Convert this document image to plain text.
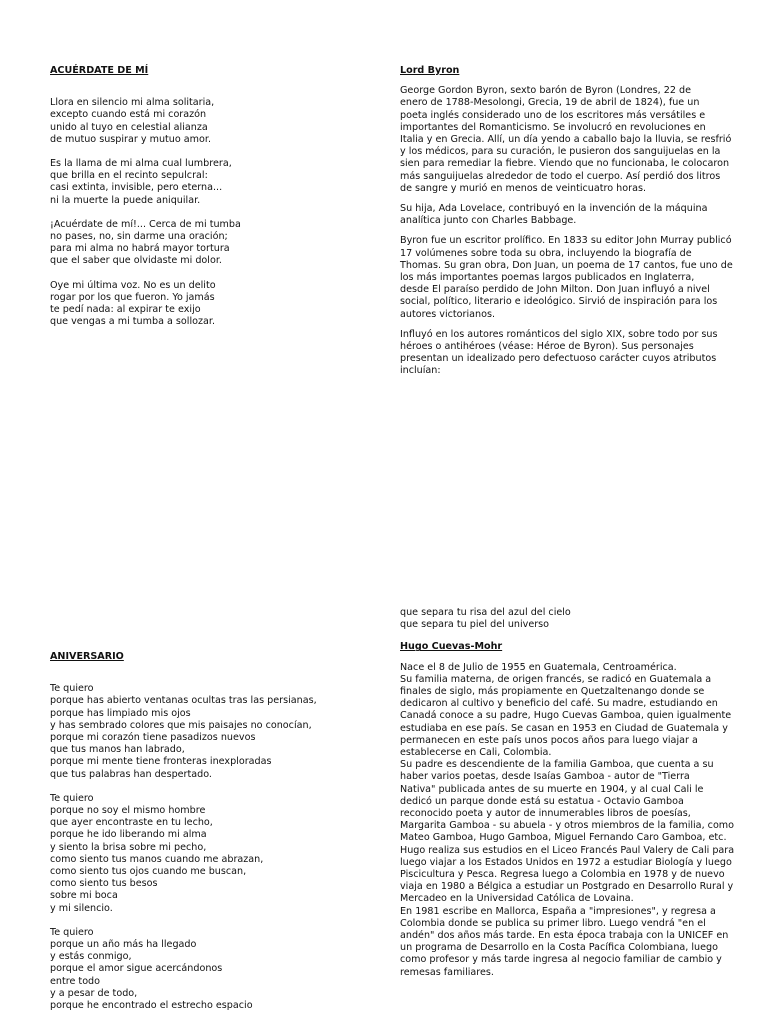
ACUÉRDATE DE MÍ

Llora en silencio mi alma solitaria,
excepto cuando está mi corazón
unido al tuyo en celestial alianza
de mutuo suspirar y mutuo amor.

Es la llama de mi alma cual lumbrera,
que brilla en el recinto sepulcral:
casi extinta, invisible, pero eterna...
ni la muerte la puede aniquilar.

¡Acuérdate de mí!... Cerca de mi tumba
no pases, no, sin darme una oración;
para mi alma no habrá mayor tortura
que el saber que olvidaste mi dolor.

Oye mi última voz. No es un delito
rogar por los que fueron. Yo jamás
te pedí nada: al expirar te exijo
que vengas a mi tumba a sollozar.

Lord Byron

George Gordon Byron, sexto barón de Byron (Londres, 22 de
enero de 1788-Mesolongi, Grecia, 19 de abril de 1824), fue un
poeta inglés considerado uno de los escritores más versátiles e
importantes del Romanticismo. Se involucró en revoluciones en
Italia y en Grecia. Allí, un día yendo a caballo bajo la lluvia, se resfrió
y los médicos, para su curación, le pusieron dos sanguijuelas en la
sien para remediar la fiebre. Viendo que no funcionaba, le colocaron
más sanguijuelas alrededor de todo el cuerpo. Así perdió dos litros
de sangre y murió en menos de veinticuatro horas.

Su hija, Ada Lovelace, contribuyó en la invención de la máquina
analítica junto con Charles Babbage.

Byron fue un escritor prolífico. En 1833 su editor John Murray publicó
17 volúmenes sobre toda su obra, incluyendo la biografía de
Thomas. Su gran obra, Don Juan, un poema de 17 cantos, fue uno de
los más importantes poemas largos publicados en Inglaterra,
desde El paraíso perdido de John Milton. Don Juan influyó a nivel
social, político, literario e ideológico. Sirvió de inspiración para los
autores victorianos.

Influyó en los autores románticos del siglo XIX, sobre todo por sus
héroes o antihéroes (véase: Héroe de Byron). Sus personajes
presentan un idealizado pero defectuoso carácter cuyos atributos
incluían:

que separa tu risa del azul del cielo
que separa tu piel del universo

Hugo Cuevas-Mohr

Nace el 8 de Julio de 1955 en Guatemala, Centroamérica.
Su familia materna, de origen francés, se radicó en Guatemala a
finales de siglo, más propiamente en Quetzaltenango donde se
dedicaron al cultivo y beneficio del café. Su madre, estudiando en
Canadá conoce a su padre, Hugo Cuevas Gamboa, quien igualmente
estudiaba en ese país. Se casan en 1953 en Ciudad de Guatemala y
permanecen en este país unos pocos años para luego viajar a
establecerse en Cali, Colombia.
Su padre es descendiente de la familia Gamboa, que cuenta a su
haber varios poetas, desde Isaías Gamboa - autor de "Tierra
Nativa" publicada antes de su muerte en 1904, y al cual Cali le
dedicó un parque donde está su estatua - Octavio Gamboa
reconocido poeta y autor de innumerables libros de poesías,
Margarita Gamboa - su abuela - y otros miembros de la familia, como
Mateo Gamboa, Hugo Gamboa, Miguel Fernando Caro Gamboa, etc.
Hugo realiza sus estudios en el Liceo Francés Paul Valery de Cali para
luego viajar a los Estados Unidos en 1972 a estudiar Biología y luego
Piscicultura y Pesca. Regresa luego a Colombia en 1978 y de nuevo
viaja en 1980 a Bélgica a estudiar un Postgrado en Desarrollo Rural y
Mercadeo en la Universidad Católica de Lovaina.
En 1981 escribe en Mallorca, España a "impresiones", y regresa a
Colombia donde se publica su primer libro. Luego vendrá "en el
andén" dos años más tarde. En esta época trabaja con la UNICEF en
un programa de Desarrollo en la Costa Pacífica Colombiana, luego
como profesor y más tarde ingresa al negocio familiar de cambio y
remesas familiares.

ANIVERSARIO

Te quiero
porque has abierto ventanas ocultas tras las persianas,
porque has limpiado mis ojos
y has sembrado colores que mis paisajes no conocían,
porque mi corazón tiene pasadizos nuevos
que tus manos han labrado,
porque mi mente tiene fronteras inexploradas
que tus palabras han despertado.

Te quiero
porque no soy el mismo hombre
que ayer encontraste en tu lecho,
porque he ido liberando mi alma
y siento la brisa sobre mi pecho,
como siento tus manos cuando me abrazan,
como siento tus ojos cuando me buscan,
como siento tus besos
sobre mi boca
y mi silencio.

Te quiero
porque un año más ha llegado
y estás conmigo,
porque el amor sigue acercándonos
entre todo
y a pesar de todo,
porque he encontrado el estrecho espacio
